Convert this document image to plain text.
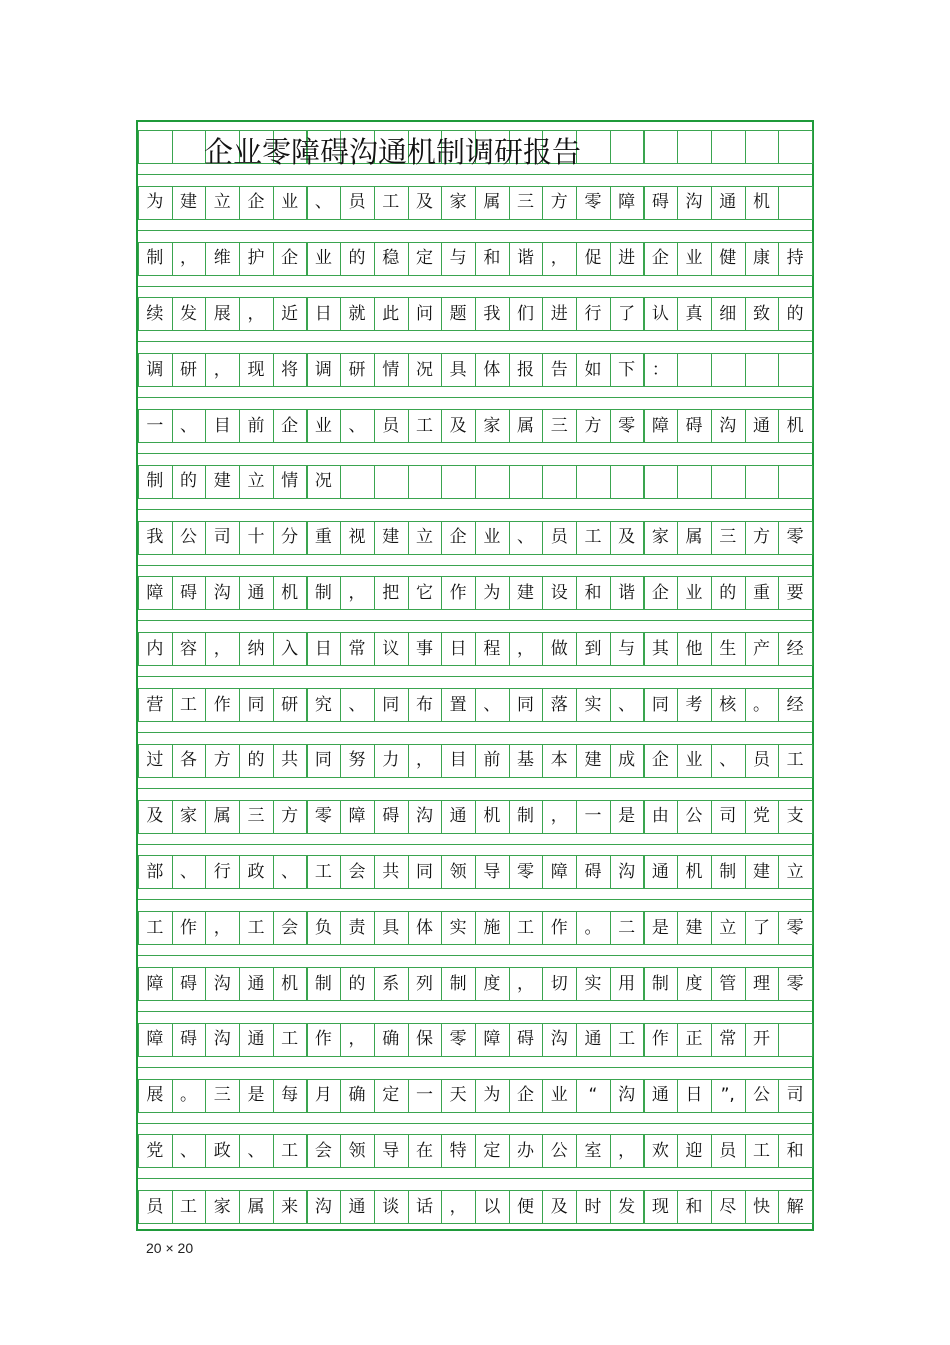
为 建 立 企 业 、 员 工 及 家 属 三 方 零 障 碍 沟 通 机
制 ， 维 护 企 业 的 稳 定 与 和 谐 ， 促 进 企 业 健 康 持
续 发 展 ， 近 日 就 此 问 题 我 们 进 行 了 认 真 细 致 的
调 研 ， 现 将 调 研 情 况 具 体 报 告 如 下 ：
一 、 目 前 企 业 、 员 工 及 家 属 三 方 零 障 碍 沟 通 机
制 的 建 立 情 况
我 公 司 十 分 重 视 建 立 企 业 、 员 工 及 家 属 三 方 零
障 碍 沟 通 机 制 ， 把 它 作 为 建 设 和 谐 企 业 的 重 要
内 容 ， 纳 入 日 常 议 事 日 程 ， 做 到 与 其 他 生 产 经
营 工 作 同 研 究 、 同 布 置 、 同 落 实 、 同 考 核 。 经
过 各 方 的 共 同 努 力 ， 目 前 基 本 建 成 企 业 、 员 工
及 家 属 三 方 零 障 碍 沟 通 机 制 ， 一 是 由 公 司 党 支
部 、 行 政 、 工 会 共 同 领 导 零 障 碍 沟 通 机 制 建 立
工 作 ， 工 会 负 责 具 体 实 施 工 作 。 二 是 建 立 了 零
障 碍 沟 通 机 制 的 系 列 制 度 ， 切 实 用 制 度 管 理 零
障 碍 沟 通 工 作 ， 确 保 零 障 碍 沟 通 工 作 正 常 开
展 。 三 是 每 月 确 定 一 天 为 企 业	“	沟 通 日	”,	公 司
党 、 政 、 工 会 领 导 在 特 定 办 公 室 ， 欢 迎 员 工 和
员 工 家 属 来 沟 通 谈 话 ， 以 便 及 时 发 现 和 尽 快 解
企业零障碍沟通机制调研报告
20 × 20
